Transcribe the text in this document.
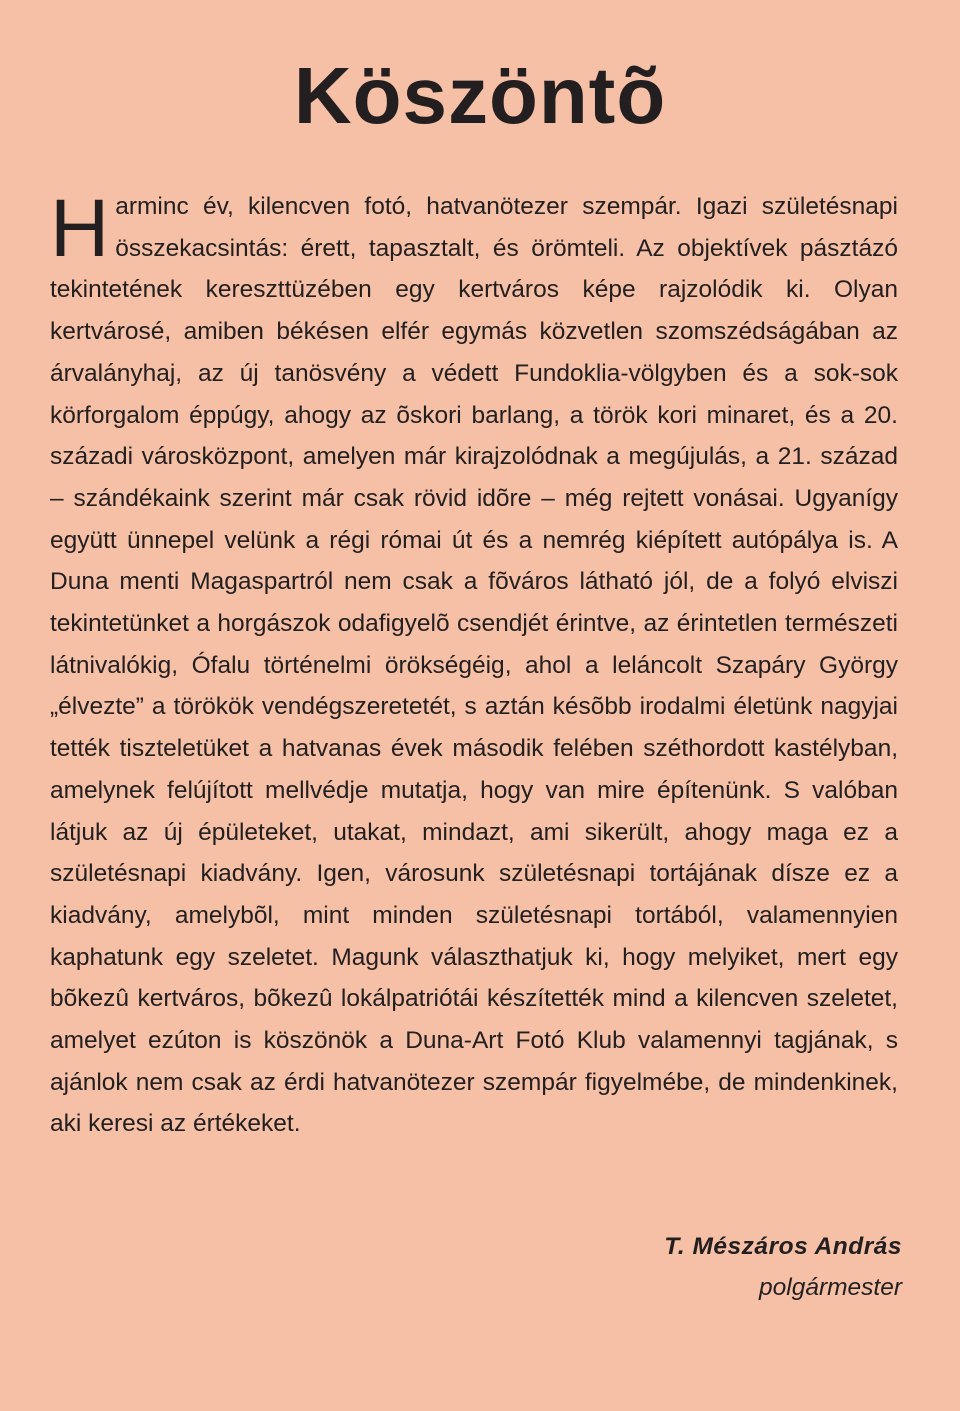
Köszöntõ

Harminc év, kilencven fotó, hatvanötezer szempár. Igazi születésnapi összekacsintás: érett, tapasztalt, és örömteli. Az objektívek pásztázó tekintetének kereszttüzében egy kertváros képe rajzolódik ki. Olyan kertvárosé, amiben békésen elfér egymás közvetlen szomszédságában az árvalányhaj, az új tanösvény a védett Fundoklia-völgyben és a sok-sok körforgalom éppúgy, ahogy az õskori barlang, a török kori minaret, és a 20. századi városközpont, amelyen már kirajzolódnak a megújulás, a 21. század – szándékaink szerint már csak rövid idõre – még rejtett vonásai. Ugyanígy együtt ünnepel velünk a régi római út és a nemrég kiépített autópálya is. A Duna menti Magaspartról nem csak a fõváros látható jól, de a folyó elviszi tekintetünket a horgászok odafigyelõ csendjét érintve, az érintetlen természeti látnivalókig, Ófalu történelmi örökségéig, ahol a leláncolt Szapáry György „élvezte” a törökök vendégszeretetét, s aztán késõbb irodalmi életünk nagyjai tették tiszteletüket a hatvanas évek második felében széthordott kastélyban, amelynek felújított mellvédje mutatja, hogy van mire építenünk. S valóban látjuk az új épületeket, utakat, mindazt, ami sikerült, ahogy maga ez a születésnapi kiadvány. Igen, városunk születésnapi tortájának dísze ez a kiadvány, amelybõl, mint minden születésnapi tortából, valamennyien kaphatunk egy szeletet. Magunk választhatjuk ki, hogy melyiket, mert egy bõkezû kertváros, bõkezû lokálpatriótái készítették mind a kilencven szeletet, amelyet ezúton is köszönök a Duna-Art Fotó Klub valamennyi tagjának, s ajánlok nem csak az érdi hatvanötezer szempár figyelmébe, de mindenkinek, aki keresi az értékeket.

T. Mészáros András
polgármester
